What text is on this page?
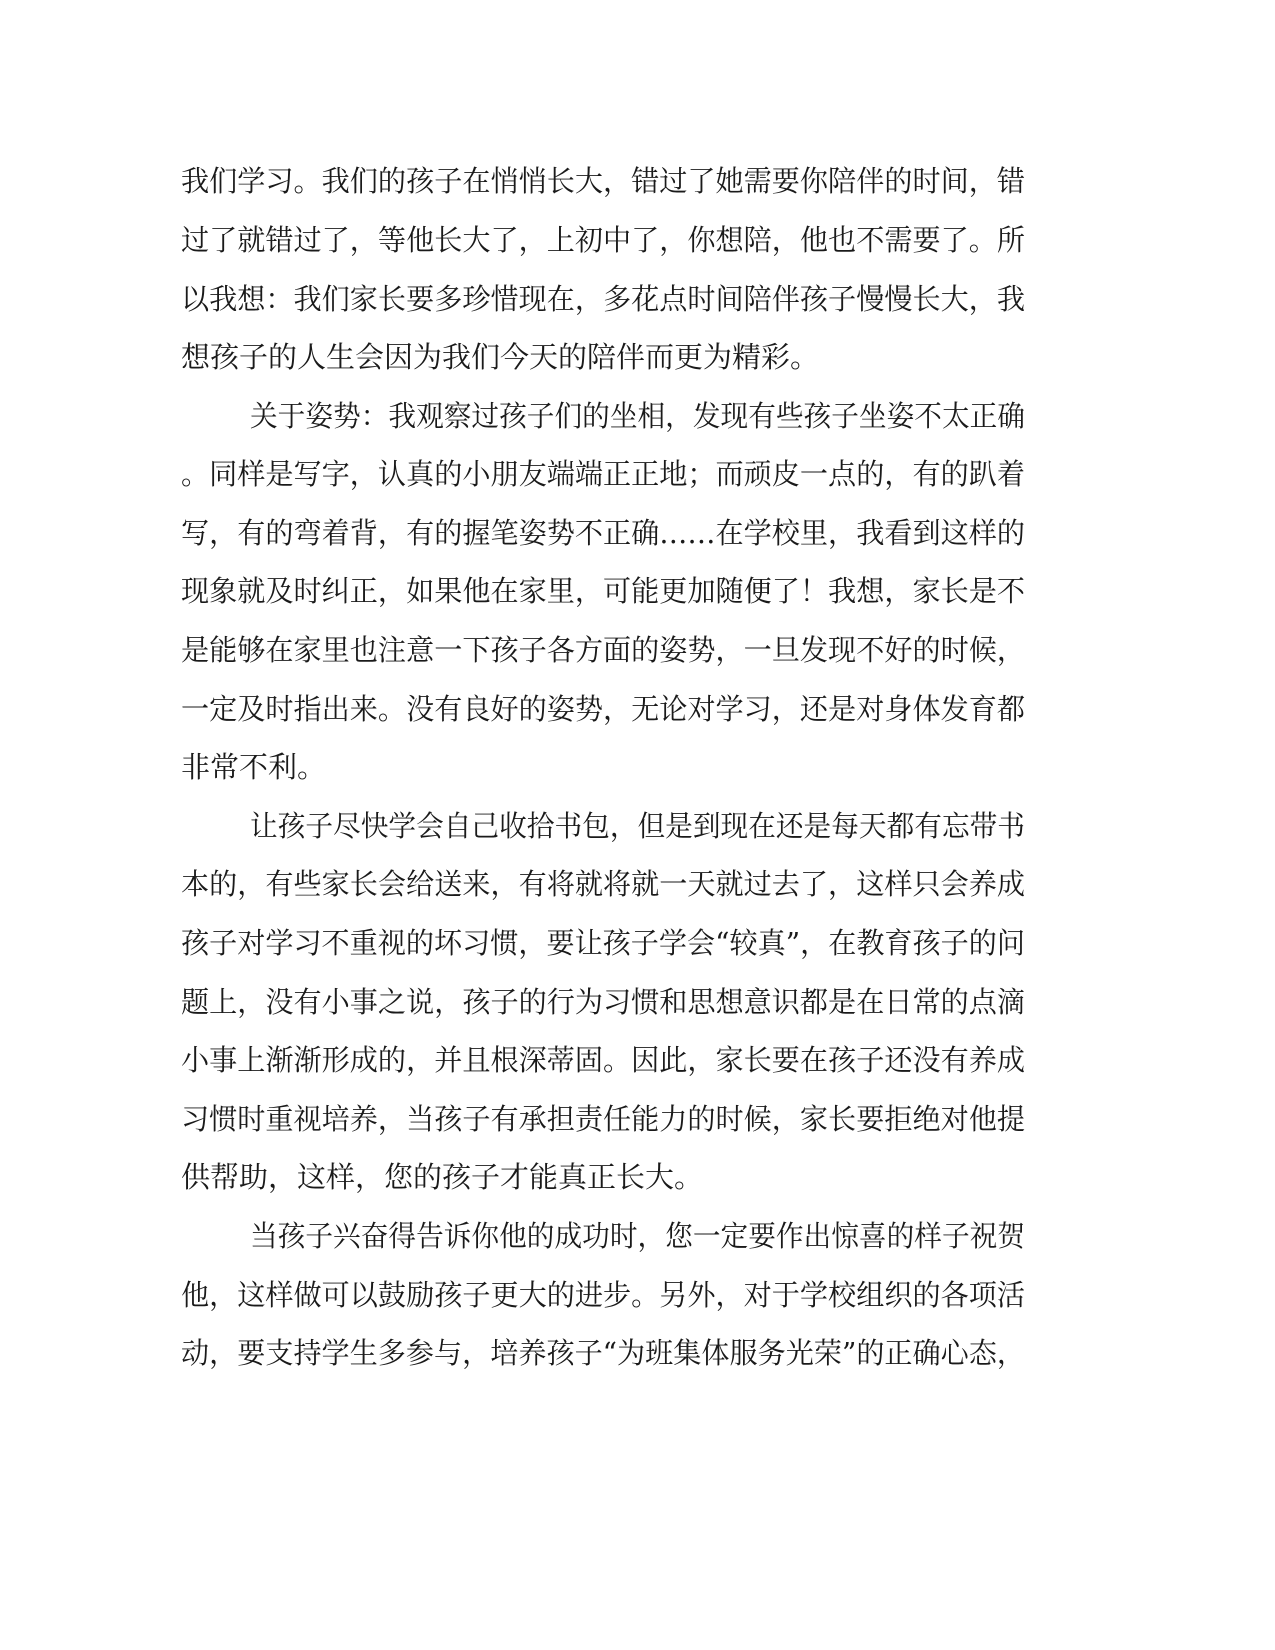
我们学习。我们的孩子在悄悄长大，错过了她需要你陪伴的时间，错
过了就错过了，等他长大了，上初中了，你想陪，他也不需要了。所
以我想：我们家长要多珍惜现在，多花点时间陪伴孩子慢慢长大，我
想孩子的人生会因为我们今天的陪伴而更为精彩。
关于姿势：我观察过孩子们的坐相，发现有些孩子坐姿不太正确
。同样是写字，认真的小朋友端端正正地；而顽皮一点的，有的趴着
写，有的弯着背，有的握笔姿势不正确……在学校里，我看到这样的
现象就及时纠正，如果他在家里，可能更加随便了！我想，家长是不
是能够在家里也注意一下孩子各方面的姿势，一旦发现不好的时候，
一定及时指出来。没有良好的姿势，无论对学习，还是对身体发育都
非常不利。
让孩子尽快学会自己收拾书包，但是到现在还是每天都有忘带书
本的，有些家长会给送来，有将就将就一天就过去了，这样只会养成
孩子对学习不重视的坏习惯，要让孩子学会“较真”，在教育孩子的问
题上，没有小事之说，孩子的行为习惯和思想意识都是在日常的点滴
小事上渐渐形成的，并且根深蒂固。因此，家长要在孩子还没有养成
习惯时重视培养，当孩子有承担责任能力的时候，家长要拒绝对他提
供帮助，这样，您的孩子才能真正长大。
当孩子兴奋得告诉你他的成功时，您一定要作出惊喜的样子祝贺
他，这样做可以鼓励孩子更大的进步。另外，对于学校组织的各项活
动，要支持学生多参与，培养孩子“为班集体服务光荣”的正确心态，
